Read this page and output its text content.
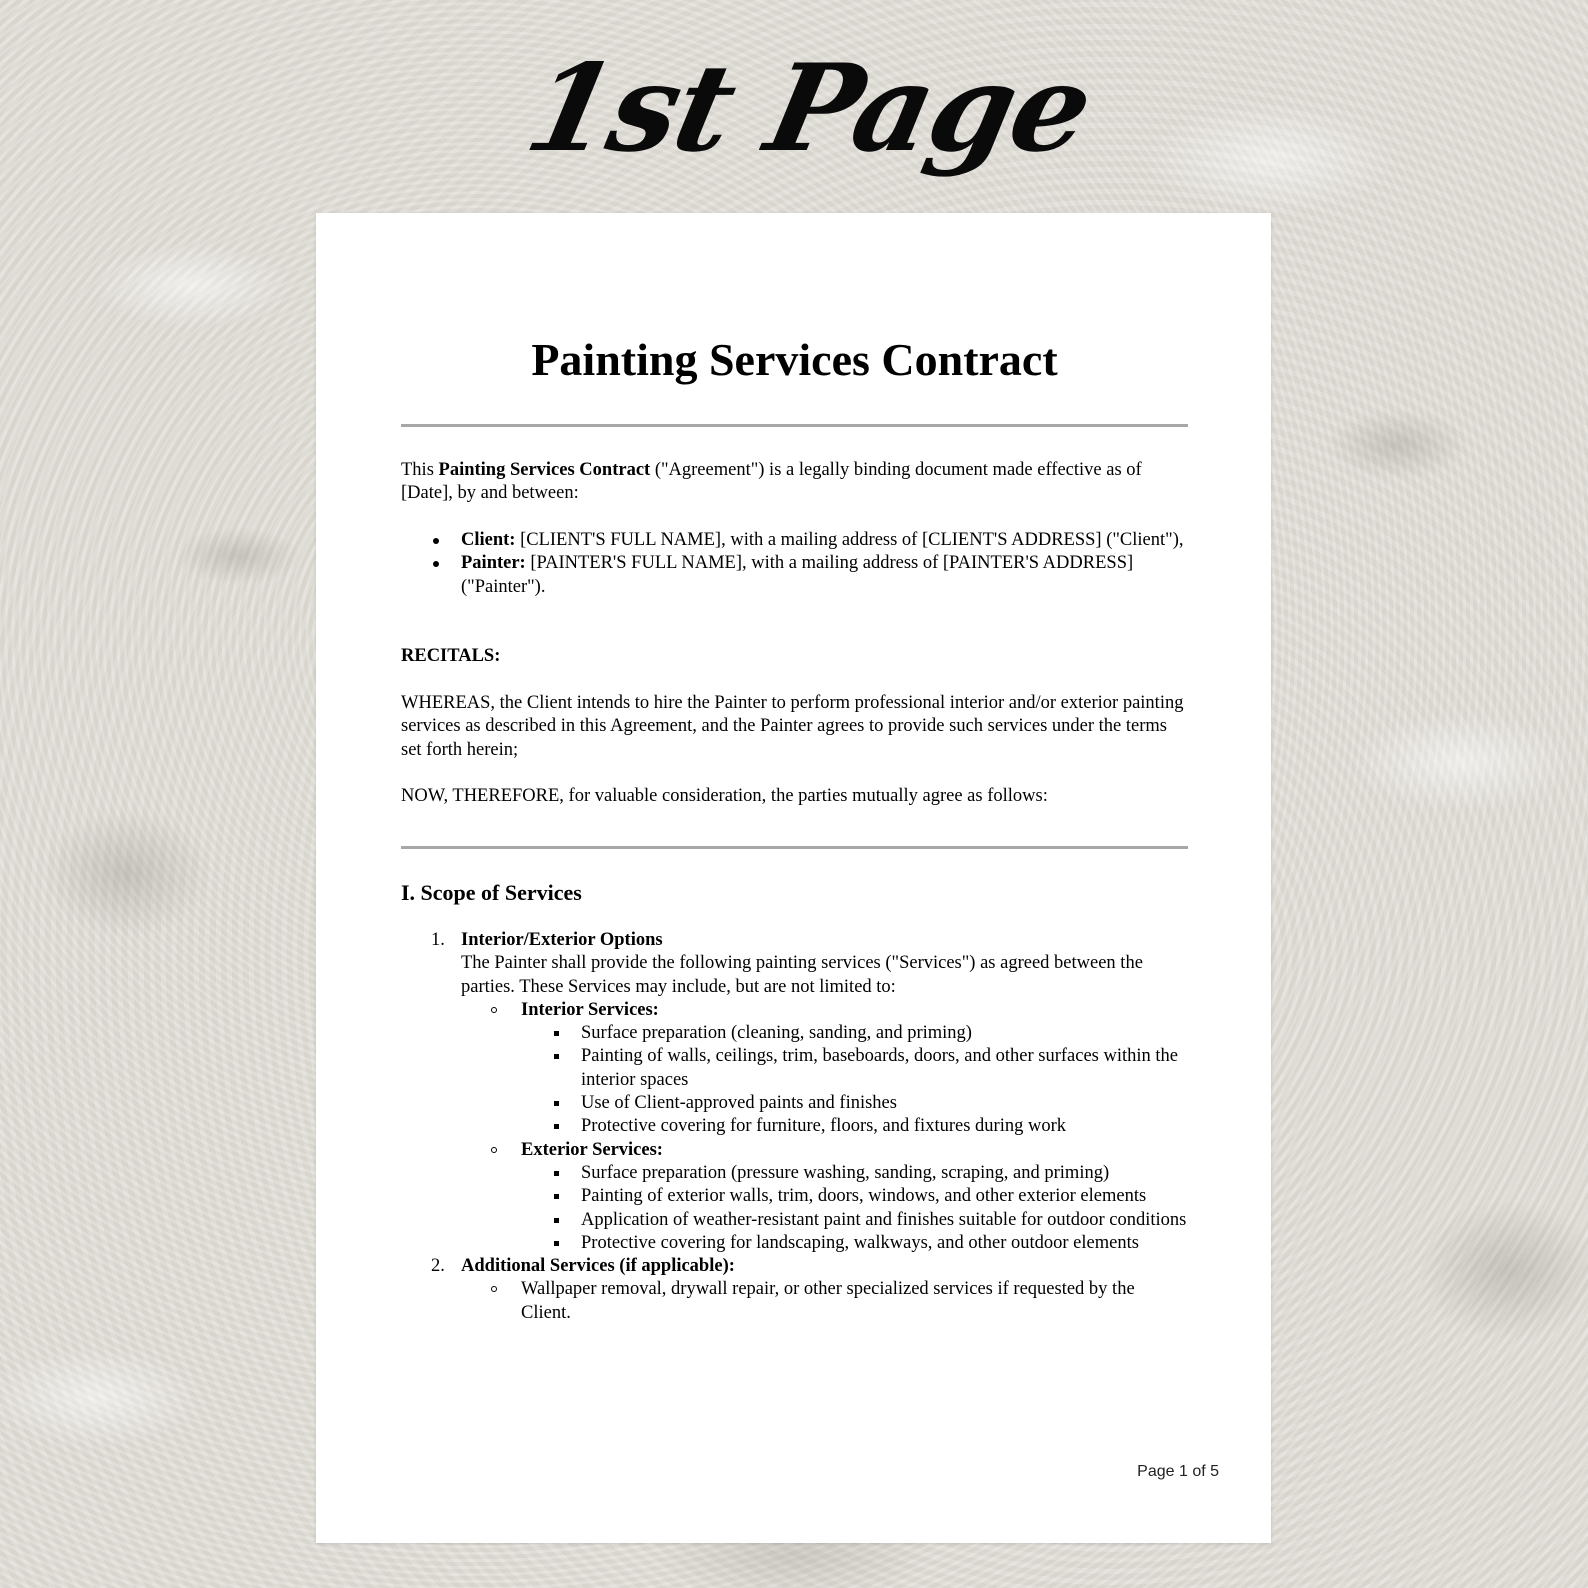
1st Page
Painting Services Contract

This Painting Services Contract ("Agreement") is a legally binding document made effective as of [Date], by and between:

Client: [CLIENT'S FULL NAME], with a mailing address of [CLIENT'S ADDRESS] ("Client"),
Painter: [PAINTER'S FULL NAME], with a mailing address of [PAINTER'S ADDRESS] ("Painter").

RECITALS:

WHEREAS, the Client intends to hire the Painter to perform professional interior and/or exterior painting services as described in this Agreement, and the Painter agrees to provide such services under the terms set forth herein;

NOW, THEREFORE, for valuable consideration, the parties mutually agree as follows:

I. Scope of Services
1. Interior/Exterior Options
The Painter shall provide the following painting services ("Services") as agreed between the parties. These Services may include, but are not limited to:
Interior Services:
Surface preparation (cleaning, sanding, and priming)
Painting of walls, ceilings, trim, baseboards, doors, and other surfaces within the interior spaces
Use of Client-approved paints and finishes
Protective covering for furniture, floors, and fixtures during work
Exterior Services:
Surface preparation (pressure washing, sanding, scraping, and priming)
Painting of exterior walls, trim, doors, windows, and other exterior elements
Application of weather-resistant paint and finishes suitable for outdoor conditions
Protective covering for landscaping, walkways, and other outdoor elements
2. Additional Services (if applicable):
Wallpaper removal, drywall repair, or other specialized services if requested by the Client.
Page 1 of 5
